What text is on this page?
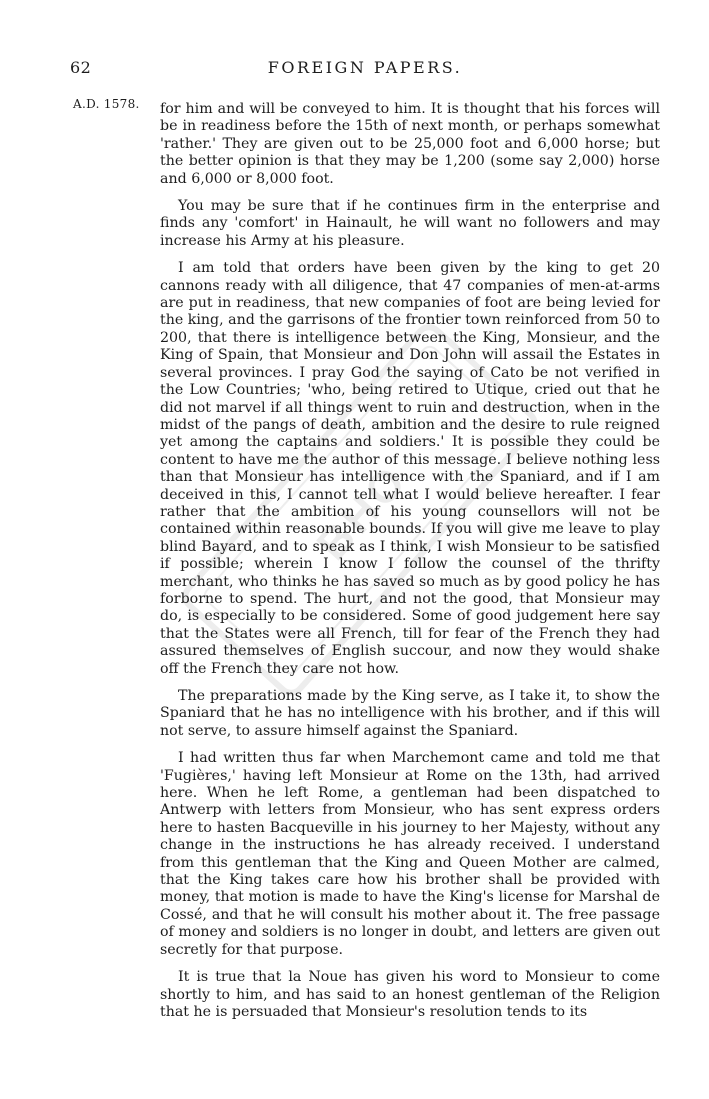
BHO
62	FOREIGN PAPERS.
A.D. 1578. for him and will be conveyed to him. It is thought that his forces will be in readiness before the 15th of next month, or perhaps somewhat 'rather.' They are given out to be 25,000 foot and 6,000 horse; but the better opinion is that they may be 1,200 (some say 2,000) horse and 6,000 or 8,000 foot.

You may be sure that if he continues firm in the enterprise and finds any 'comfort' in Hainault, he will want no followers and may increase his Army at his pleasure.

I am told that orders have been given by the king to get 20 cannons ready with all diligence, that 47 companies of men-at-arms are put in readiness, that new companies of foot are being levied for the king, and the garrisons of the frontier town reinforced from 50 to 200, that there is intelligence between the King, Monsieur, and the King of Spain, that Monsieur and Don John will assail the Estates in several provinces. I pray God the saying of Cato be not verified in the Low Countries; 'who, being retired to Utique, cried out that he did not marvel if all things went to ruin and destruction, when in the midst of the pangs of death, ambition and the desire to rule reigned yet among the captains and soldiers.' It is possible they could be content to have me the author of this message. I believe nothing less than that Monsieur has intelligence with the Spaniard, and if I am deceived in this, I cannot tell what I would believe hereafter. I fear rather that the ambition of his young counsellors will not be contained within reasonable bounds. If you will give me leave to play blind Bayard, and to speak as I think, I wish Monsieur to be satisfied if possible; wherein I know I follow the counsel of the thrifty merchant, who thinks he has saved so much as by good policy he has forborne to spend. The hurt, and not the good, that Monsieur may do, is especially to be considered. Some of good judgement here say that the States were all French, till for fear of the French they had assured themselves of English succour, and now they would shake off the French they care not how.

The preparations made by the King serve, as I take it, to show the Spaniard that he has no intelligence with his brother, and if this will not serve, to assure himself against the Spaniard.

I had written thus far when Marchemont came and told me that 'Fugières,' having left Monsieur at Rome on the 13th, had arrived here. When he left Rome, a gentleman had been dispatched to Antwerp with letters from Monsieur, who has sent express orders here to hasten Bacqueville in his journey to her Majesty, without any change in the instructions he has already received. I understand from this gentleman that the King and Queen Mother are calmed, that the King takes care how his brother shall be provided with money, that motion is made to have the King's license for Marshal de Cossé, and that he will consult his mother about it. The free passage of money and soldiers is no longer in doubt, and letters are given out secretly for that purpose.

It is true that la Noue has given his word to Monsieur to come shortly to him, and has said to an honest gentleman of the Religion that he is persuaded that Monsieur's resolution tends to its
